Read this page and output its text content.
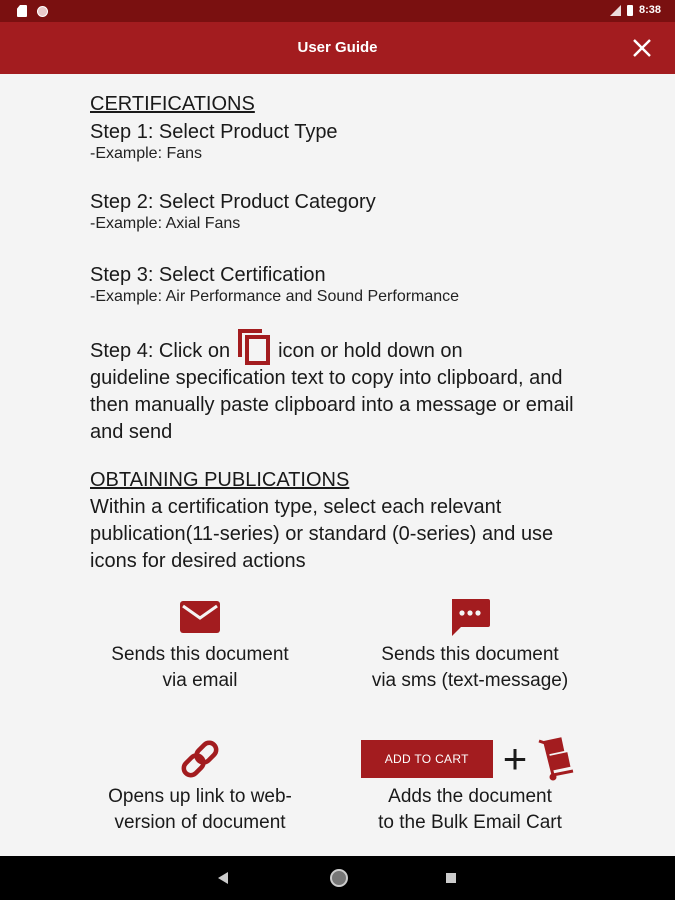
8:38
User Guide
CERTIFICATIONS

Step 1: Select Product Type

-Example: Fans

Step 2: Select Product Category

-Example: Axial Fans

Step 3: Select Certification

-Example: Air Performance and Sound Performance

Step 4: Click on icon or hold down on

guideline specification text to copy into clipboard, and then manually paste clipboard into a message or email and send

OBTAINING PUBLICATIONS

Within a certification type, select each relevant publication(11-series) or standard (0-series) and use icons for desired actions

Sends this document
via email
Sends this document
via sms (text-message)
Opens up link to web-
version of document
ADD TO CART +
Adds the document
to the Bulk Email Cart
